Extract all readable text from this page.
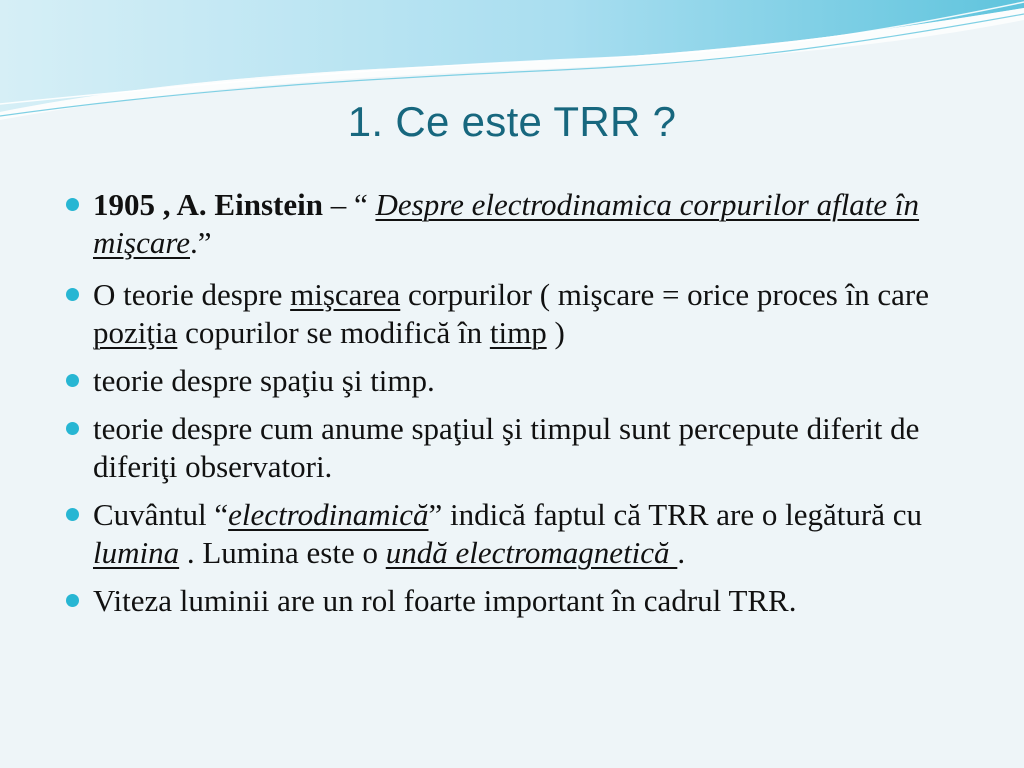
1. Ce este TRR ?
1905 , A. Einstein – “ Despre electrodinamica corpurilor aflate în mişcare.”
O teorie despre mişcarea corpurilor ( mişcare = orice proces în care poziţia copurilor se modifică în timp )
teorie despre spaţiu şi timp.
teorie despre cum anume spaţiul şi timpul sunt percepute diferit de diferiţi observatori.
Cuvântul “electrodinamică” indică faptul că TRR are o legătură cu lumina . Lumina este o undă electromagnetică .
Viteza luminii are un rol foarte important în cadrul TRR.
